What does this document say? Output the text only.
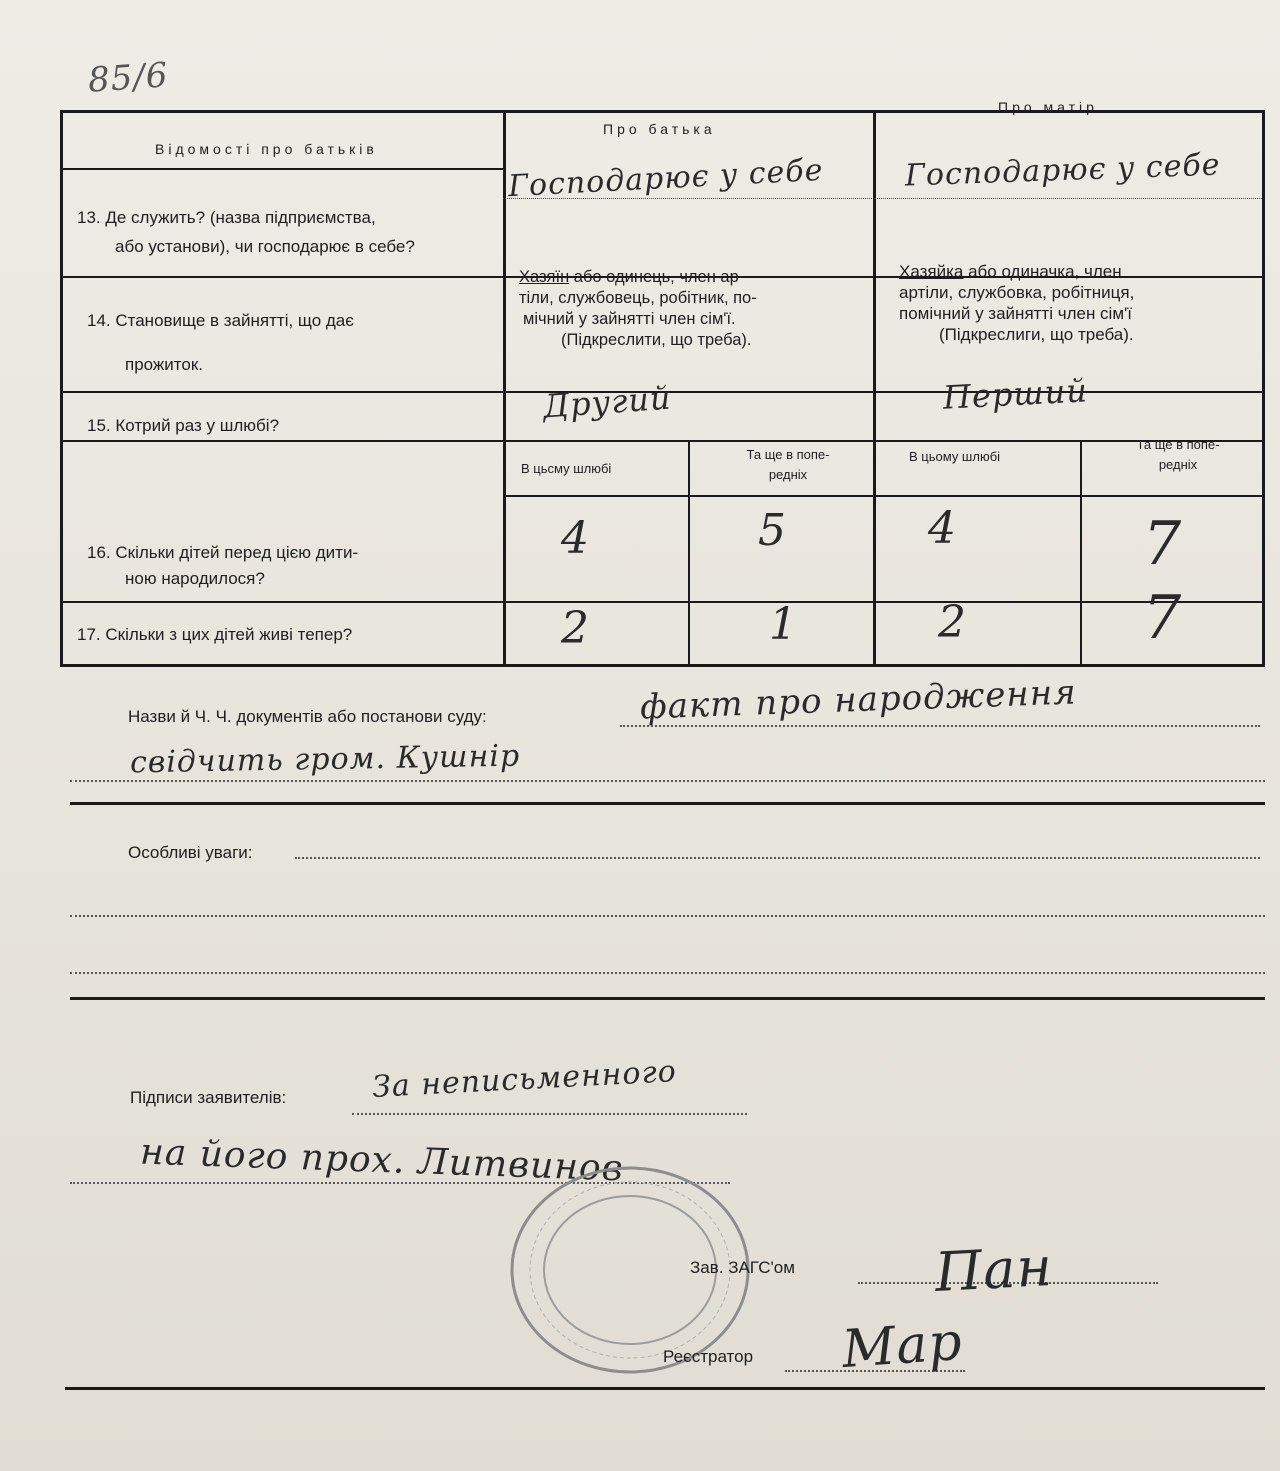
85/6
Відомості про батьків
Про батька
Про матір
13. Де служить? (назва підприємства,
або установи), чи господарює в себе?
Господарює у себе	Господарює у себе
14. Становище в зайнятті, що дає
прожиток.
Хазяїн або одинець, член ар-
тіли, службовець, робітник, по-
мічний у зайнятті член сім'ї.
(Підкреслити, що треба).
Хазяйка або одиначка, член
артіли, службовка, робітниця,
помічний у зайнятті член сім'ї
(Підкреслиги, що треба).
15. Котрий раз у шлюбі?
Другий	Перший
В цьсму шлюбі
Та ще в попе-
редніх
В цьому шлюбі
Та ще в попе-
редніх
16. Скільки дітей перед цією дити-
ною народилося?
4	5	4	7
17. Скільки з цих дітей живі тепер?	2	1	2	7
Назви й Ч. Ч. документів або постанови суду:	факт про народження
свідчить гром. Кушнір
Особливі уваги:
Підписи заявителів:	За неписьменного
на його прох. Литвинов
Зав. ЗАГС'ом	Пан
Реєстратор Мар
